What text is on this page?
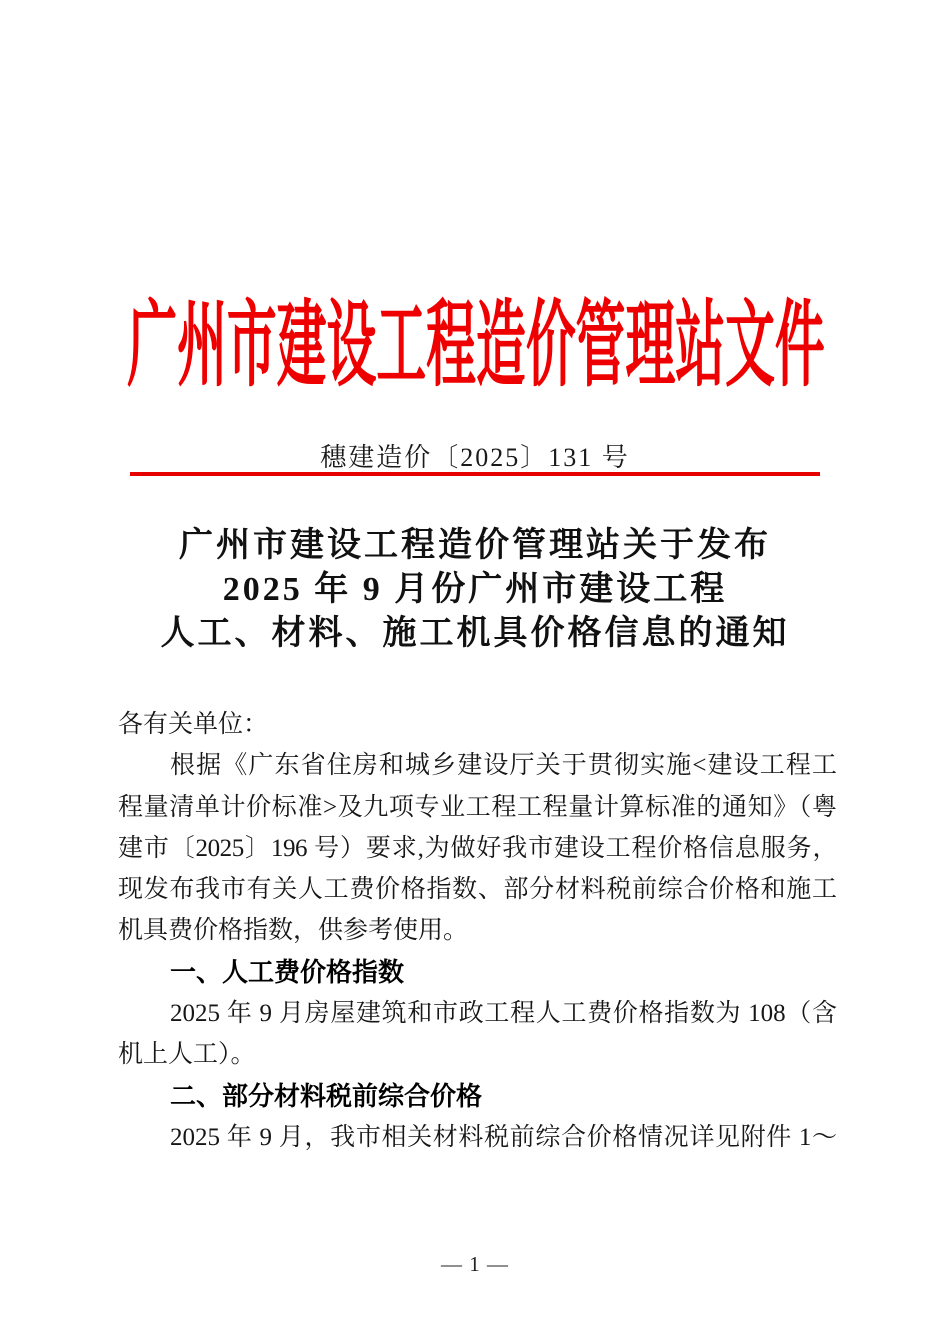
广州市建设工程造价管理站文件
穗建造价〔2025〕131 号
广州市建设工程造价管理站关于发布
2025 年 9 月份广州市建设工程
人工、材料、施工机具价格信息的通知
各有关单位：
根据《广东省住房和城乡建设厅关于贯彻实施<建设工程工
程量清单计价标准>及九项专业工程工程量计算标准的通知》（粤
建市〔2025〕196 号）要求,为做好我市建设工程价格信息服务，
现发布我市有关人工费价格指数、部分材料税前综合价格和施工
机具费价格指数，供参考使用。
一、人工费价格指数
2025 年 9 月房屋建筑和市政工程人工费价格指数为 108（含
机上人工）。
二、部分材料税前综合价格
2025 年 9 月，我市相关材料税前综合价格情况详见附件 1～
— 1 —
